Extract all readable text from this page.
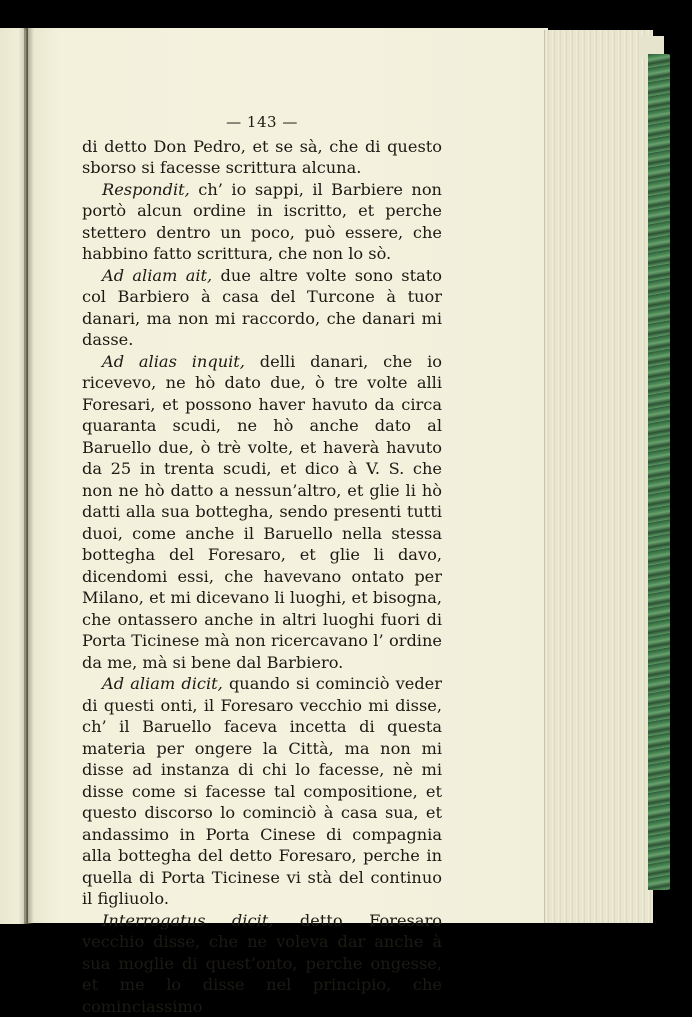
— 143 —

di detto Don Pedro, et se sà, che di questo sborso si facesse scrittura alcuna.

Respondit, ch’ io sappi, il Barbiere non portò alcun ordine in iscritto, et perche stettero dentro un poco, può essere, che habbino fatto scrittura, che non lo sò.

Ad aliam ait, due altre volte sono stato col Barbiero à casa del Turcone à tuor danari, ma non mi raccordo, che danari mi dasse.

Ad alias inquit, delli danari, che io ricevevo, ne hò dato due, ò tre volte alli Foresari, et possono haver havuto da circa quaranta scudi, ne hò anche dato al Baruello due, ò trè volte, et haverà havuto da 25 in trenta scudi, et dico à V. S. che non ne hò datto a nessun’altro, et glie li hò datti alla sua bottegha, sendo presenti tutti duoi, come anche il Baruello nella stessa bottegha del Foresaro, et glie li davo, dicendomi essi, che havevano ontato per Milano, et mi dicevano li luoghi, et bisogna, che ontassero anche in altri luoghi fuori di Porta Ticinese mà non ricercavano l’ ordine da me, mà si bene dal Barbiero.

Ad aliam dicit, quando si cominciò veder di questi onti, il Foresaro vecchio mi disse, ch’ il Baruello faceva incetta di questa materia per ongere la Città, ma non mi disse ad instanza di chi lo facesse, nè mi disse come si facesse tal compositione, et questo discorso lo cominciò à casa sua, et andassimo in Porta Cinese di compagnia alla bottegha del detto Foresaro, perche in quella di Porta Ticinese vi stà del continuo il figliuolo.

Interrogatus dicit, detto Foresaro vecchio disse, che ne voleva dar anche à sua moglie di quest’onto, perche ongesse, et me lo disse nel principio, che cominciassimo
